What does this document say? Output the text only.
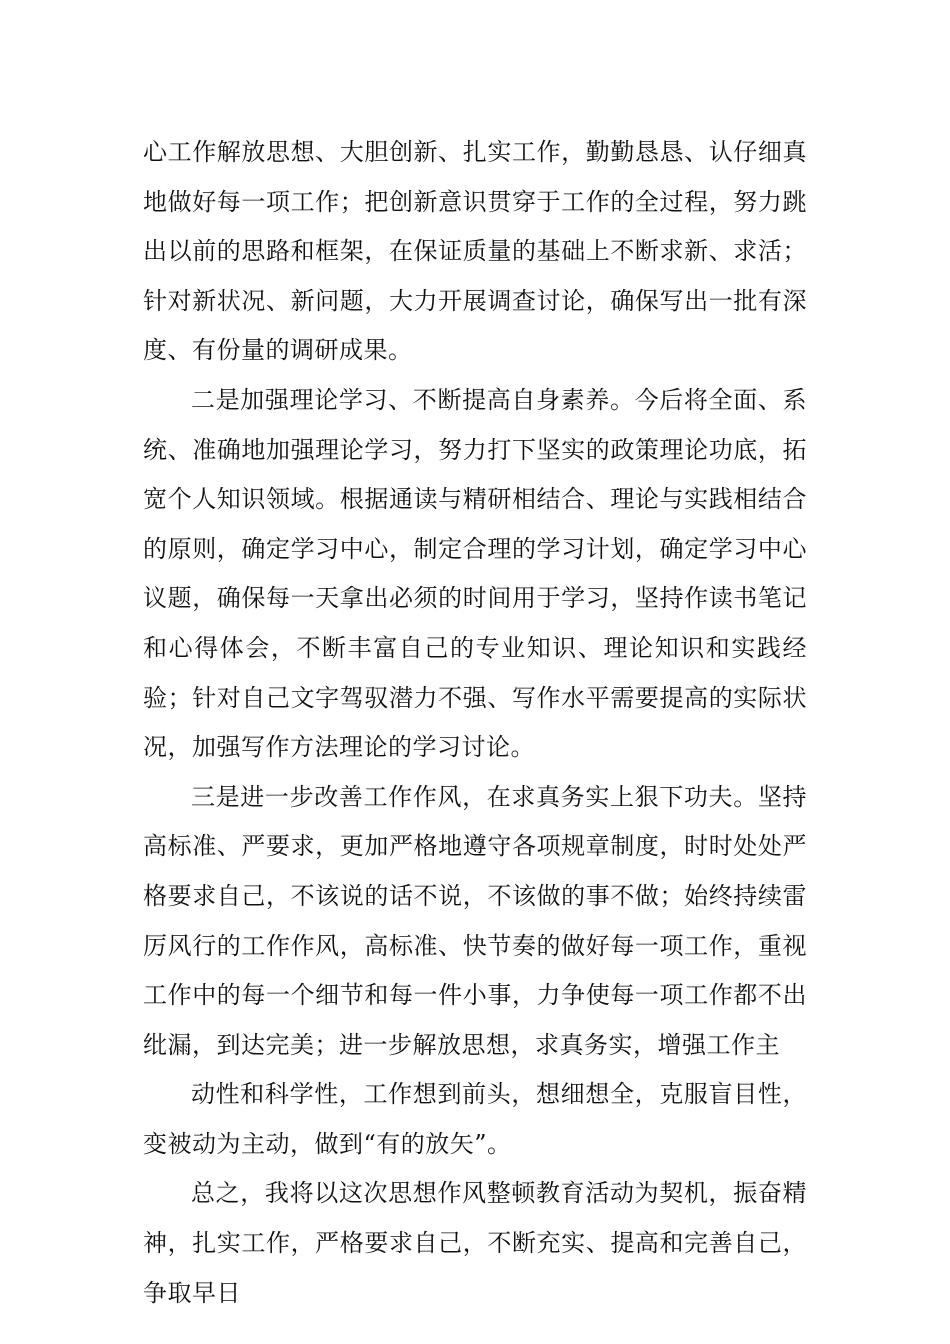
心工作解放思想、大胆创新、扎实工作，勤勤恳恳、认仔细真地做好每一项工作；把创新意识贯穿于工作的全过程，努力跳出以前的思路和框架，在保证质量的基础上不断求新、求活；针对新状况、新问题，大力开展调查讨论，确保写出一批有深度、有份量的调研成果。

二是加强理论学习、不断提高自身素养。今后将全面、系统、准确地加强理论学习，努力打下坚实的政策理论功底，拓宽个人知识领域。根据通读与精研相结合、理论与实践相结合的原则，确定学习中心，制定合理的学习计划，确定学习中心议题，确保每一天拿出必须的时间用于学习，坚持作读书笔记和心得体会，不断丰富自己的专业知识、理论知识和实践经验；针对自己文字驾驭潜力不强、写作水平需要提高的实际状况，加强写作方法理论的学习讨论。

三是进一步改善工作作风，在求真务实上狠下功夫。坚持高标准、严要求，更加严格地遵守各项规章制度，时时处处严格要求自己，不该说的话不说，不该做的事不做；始终持续雷厉风行的工作作风，高标准、快节奏的做好每一项工作，重视工作中的每一个细节和每一件小事，力争使每一项工作都不出纰漏，到达完美；进一步解放思想，求真务实，增强工作主

动性和科学性，工作想到前头，想细想全，克服盲目性，变被动为主动，做到“有的放矢”。

总之，我将以这次思想作风整顿教育活动为契机，振奋精神，扎实工作，严格要求自己，不断充实、提高和完善自己，争取早日
